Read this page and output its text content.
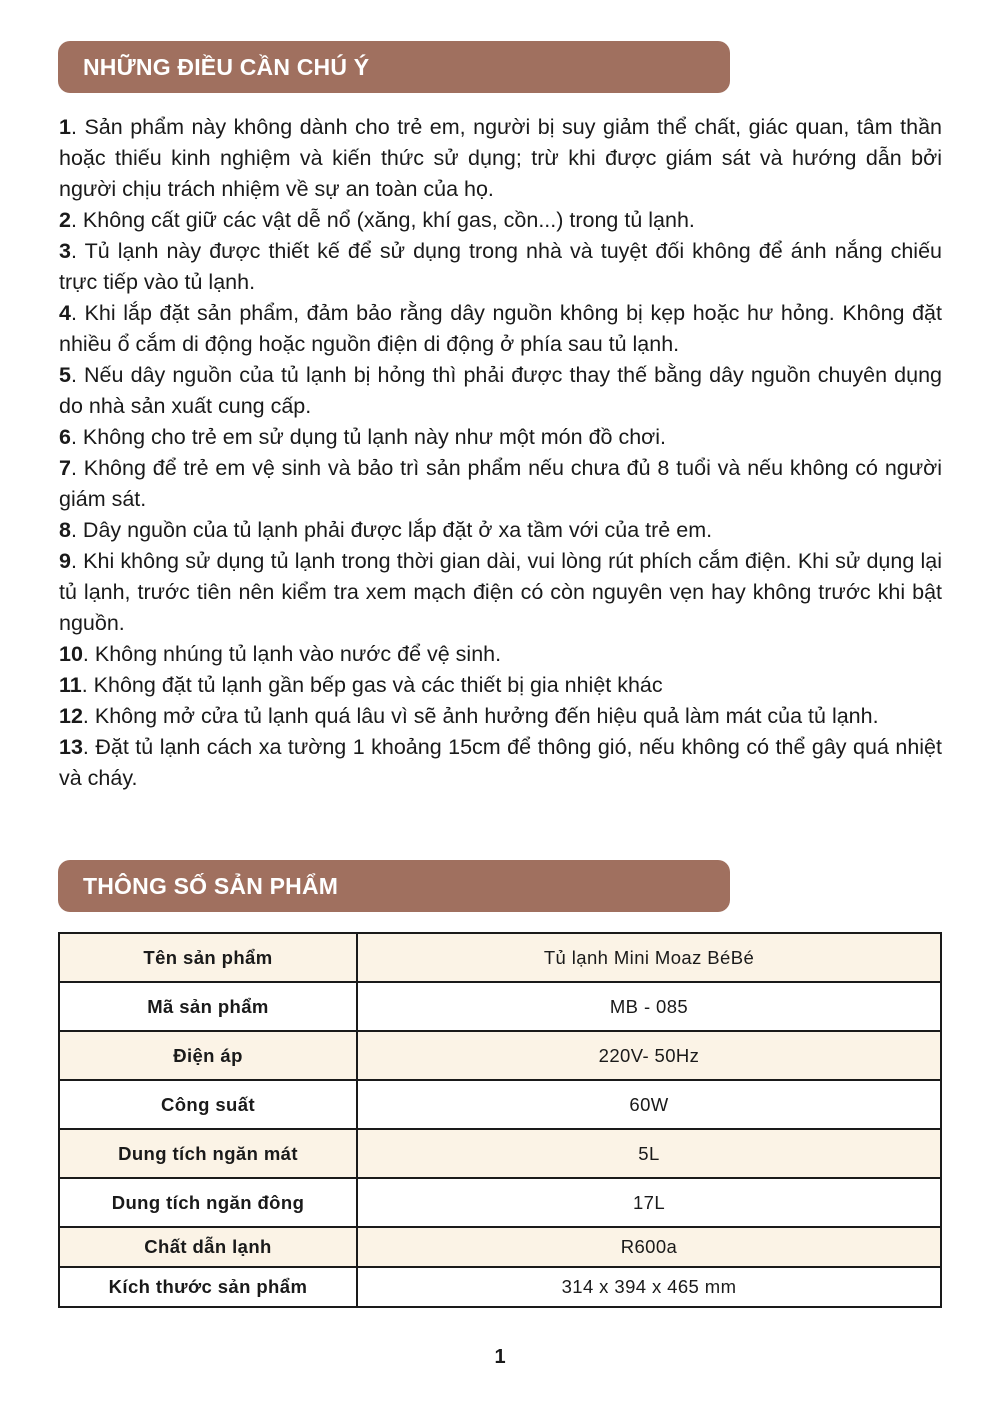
NHỮNG ĐIỀU CẦN CHÚ Ý
1. Sản phẩm này không dành cho trẻ em, người bị suy giảm thể chất, giác quan, tâm thần hoặc thiếu kinh nghiệm và kiến thức sử dụng; trừ khi được giám sát và hướng dẫn bởi người chịu trách nhiệm về sự an toàn của họ.
2. Không cất giữ các vật dễ nổ (xăng, khí gas, cồn...) trong tủ lạnh.
3. Tủ lạnh này được thiết kế để sử dụng trong nhà và tuyệt đối không để ánh nắng chiếu trực tiếp vào tủ lạnh.
4. Khi lắp đặt sản phẩm, đảm bảo rằng dây nguồn không bị kẹp hoặc hư hỏng. Không đặt nhiều ổ cắm di động hoặc nguồn điện di động ở phía sau tủ lạnh.
5. Nếu dây nguồn của tủ lạnh bị hỏng thì phải được thay thế bằng dây nguồn chuyên dụng do nhà sản xuất cung cấp.
6. Không cho trẻ em sử dụng tủ lạnh này như một món đồ chơi.
7. Không để trẻ em vệ sinh và bảo trì sản phẩm nếu chưa đủ 8 tuổi và nếu không có người giám sát.
8. Dây nguồn của tủ lạnh phải được lắp đặt ở xa tầm với của trẻ em.
9. Khi không sử dụng tủ lạnh trong thời gian dài, vui lòng rút phích cắm điện. Khi sử dụng lại tủ lạnh, trước tiên nên kiểm tra xem mạch điện có còn nguyên vẹn hay không trước khi bật nguồn.
10. Không nhúng tủ lạnh vào nước để vệ sinh.
11. Không đặt tủ lạnh gần bếp gas và các thiết bị gia nhiệt khác
12. Không mở cửa tủ lạnh quá lâu vì sẽ ảnh hưởng đến hiệu quả làm mát của tủ lạnh.
13. Đặt tủ lạnh cách xa tường 1 khoảng 15cm để thông gió, nếu không có thể gây quá nhiệt và cháy.
THÔNG SỐ SẢN PHẨM
Tên sản phẩm	Tủ lạnh Mini Moaz BéBé
Mã sản phẩm	MB - 085
Điện áp	220V- 50Hz
Công suất	60W
Dung tích ngăn mát	5L
Dung tích ngăn đông	17L
Chất dẫn lạnh	R600a
Kích thước sản phẩm	314 x 394 x 465 mm
1
